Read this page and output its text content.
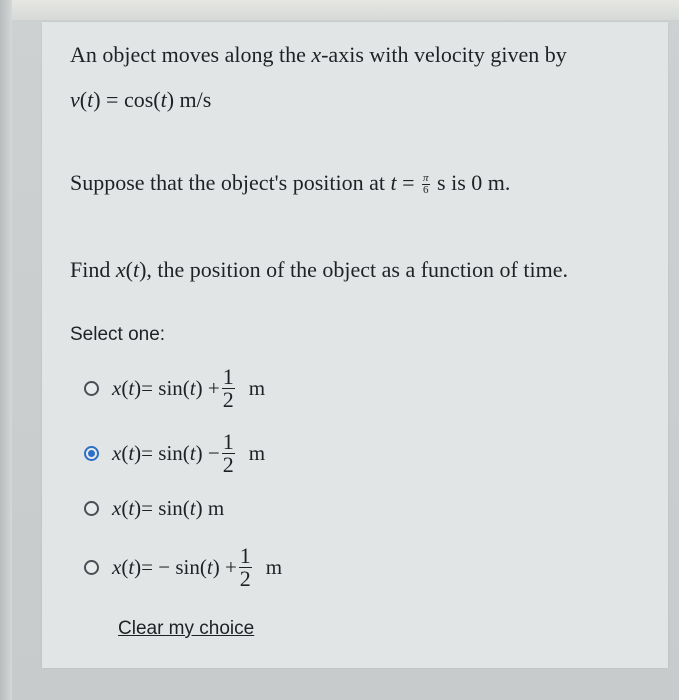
An object moves along the x-axis with velocity given by
v(t) = cos(t) m/s
Suppose that the object's position at $t = \frac{\pi}{6}$ s is 0 m.
Find x(t), the position of the object as a function of time.
Select one:
x ( t ) = sin( t ) + $\frac{1}{2}$ m
x ( t ) = sin( t ) − $\frac{1}{2}$ m
x ( t ) = sin( t ) m
x ( t ) = − sin( t ) + $\frac{1}{2}$ m
Clear my choice
